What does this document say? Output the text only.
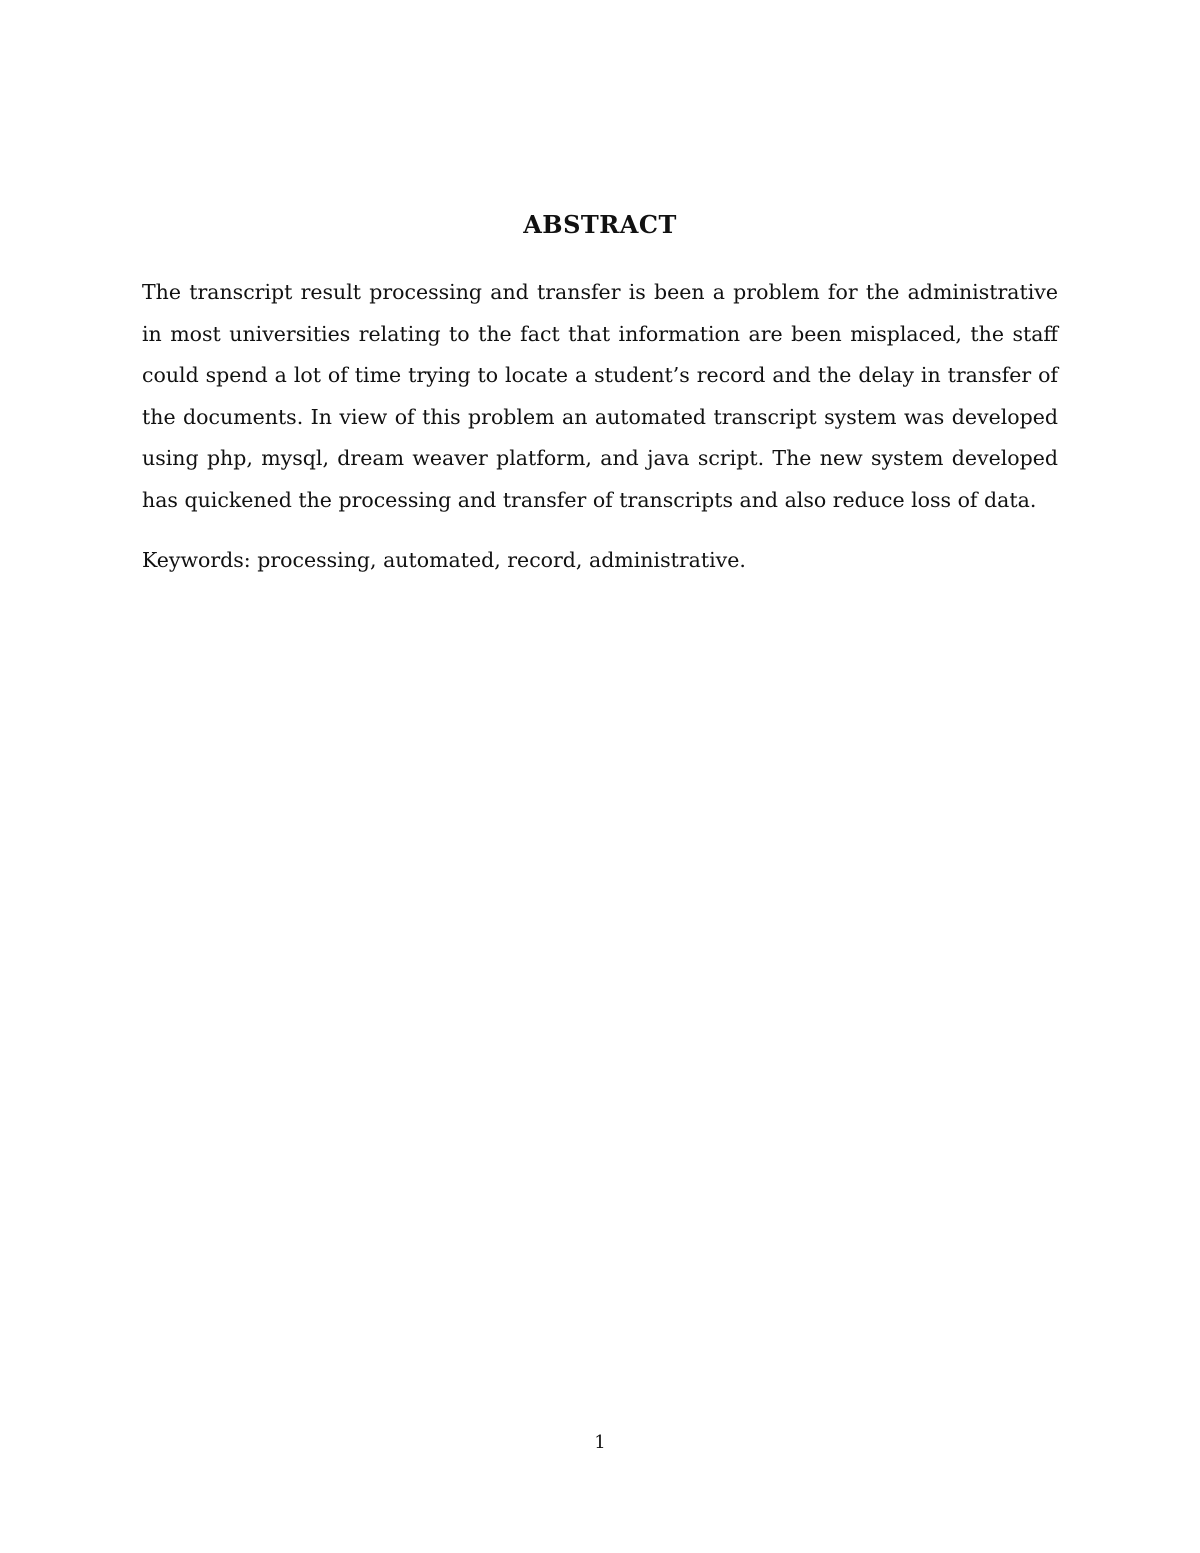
ABSTRACT

The transcript result processing and transfer is been a problem for the administrative in most universities relating to the fact that information are been misplaced, the staff could spend a lot of time trying to locate a student’s record and the delay in transfer of the documents. In view of this problem an automated transcript system was developed using php, mysql, dream weaver platform, and java script. The new system developed has quickened the processing and transfer of transcripts and also reduce loss of data.

Keywords: processing, automated, record, administrative.

1
